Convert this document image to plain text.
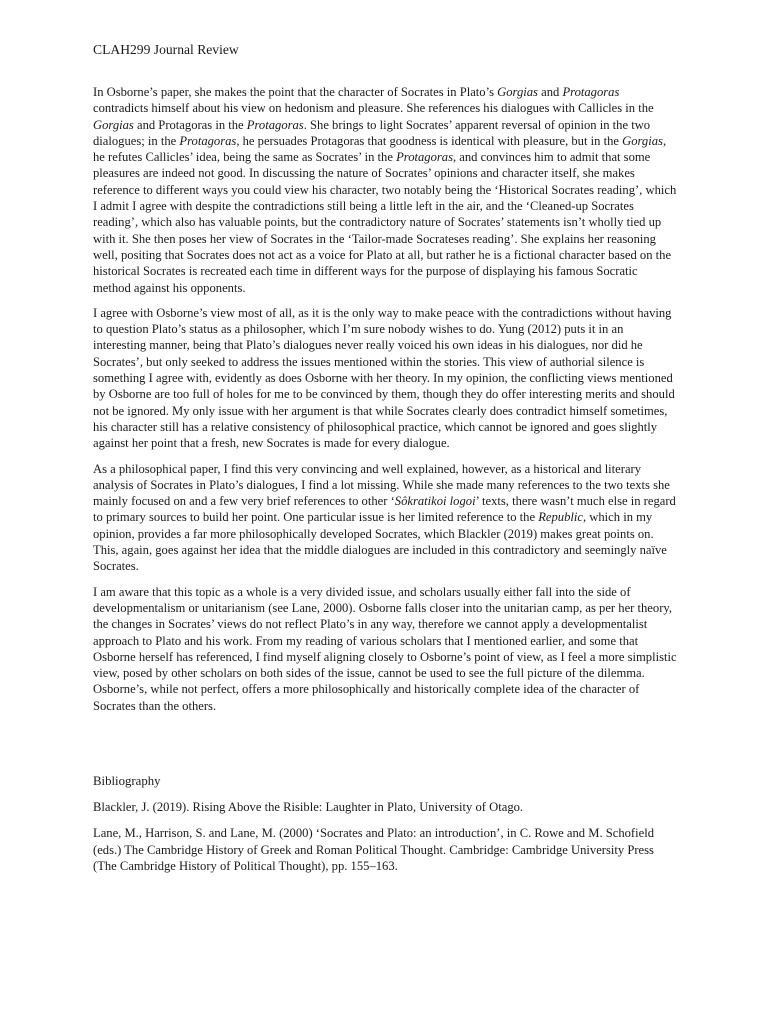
CLAH299 Journal Review

In Osborne’s paper, she makes the point that the character of Socrates in Plato’s Gorgias and Protagoras contradicts himself about his view on hedonism and pleasure. She references his dialogues with Callicles in the Gorgias and Protagoras in the Protagoras. She brings to light Socrates’ apparent reversal of opinion in the two dialogues; in the Protagoras, he persuades Protagoras that goodness is identical with pleasure, but in the Gorgias, he refutes Callicles’ idea, being the same as Socrates’ in the Protagoras, and convinces him to admit that some pleasures are indeed not good. In discussing the nature of Socrates’ opinions and character itself, she makes reference to different ways you could view his character, two notably being the ‘Historical Socrates reading’, which I admit I agree with despite the contradictions still being a little left in the air, and the ‘Cleaned-up Socrates reading’, which also has valuable points, but the contradictory nature of Socrates’ statements isn’t wholly tied up with it. She then poses her view of Socrates in the ‘Tailor-made Socrateses reading’. She explains her reasoning well, positing that Socrates does not act as a voice for Plato at all, but rather he is a fictional character based on the historical Socrates is recreated each time in different ways for the purpose of displaying his famous Socratic method against his opponents.

I agree with Osborne’s view most of all, as it is the only way to make peace with the contradictions without having to question Plato’s status as a philosopher, which I’m sure nobody wishes to do. Yung (2012) puts it in an interesting manner, being that Plato’s dialogues never really voiced his own ideas in his dialogues, nor did he Socrates’, but only seeked to address the issues mentioned within the stories. This view of authorial silence is something I agree with, evidently as does Osborne with her theory. In my opinion, the conflicting views mentioned by Osborne are too full of holes for me to be convinced by them, though they do offer interesting merits and should not be ignored. My only issue with her argument is that while Socrates clearly does contradict himself sometimes, his character still has a relative consistency of philosophical practice, which cannot be ignored and goes slightly against her point that a fresh, new Socrates is made for every dialogue.

As a philosophical paper, I find this very convincing and well explained, however, as a historical and literary analysis of Socrates in Plato’s dialogues, I find a lot missing. While she made many references to the two texts she mainly focused on and a few very brief references to other ‘Sôkratikoi logoi’ texts, there wasn’t much else in regard to primary sources to build her point. One particular issue is her limited reference to the Republic, which in my opinion, provides a far more philosophically developed Socrates, which Blackler (2019) makes great points on. This, again, goes against her idea that the middle dialogues are included in this contradictory and seemingly naïve Socrates.

I am aware that this topic as a whole is a very divided issue, and scholars usually either fall into the side of developmentalism or unitarianism (see Lane, 2000). Osborne falls closer into the unitarian camp, as per her theory, the changes in Socrates’ views do not reflect Plato’s in any way, therefore we cannot apply a developmentalist approach to Plato and his work. From my reading of various scholars that I mentioned earlier, and some that Osborne herself has referenced, I find myself aligning closely to Osborne’s point of view, as I feel a more simplistic view, posed by other scholars on both sides of the issue, cannot be used to see the full picture of the dilemma. Osborne’s, while not perfect, offers a more philosophically and historically complete idea of the character of Socrates than the others.

Bibliography
Blackler, J. (2019). Rising Above the Risible: Laughter in Plato, University of Otago.
Lane, M., Harrison, S. and Lane, M. (2000) ‘Socrates and Plato: an introduction’, in C. Rowe and M. Schofield (eds.) The Cambridge History of Greek and Roman Political Thought. Cambridge: Cambridge University Press (The Cambridge History of Political Thought), pp. 155–163.
